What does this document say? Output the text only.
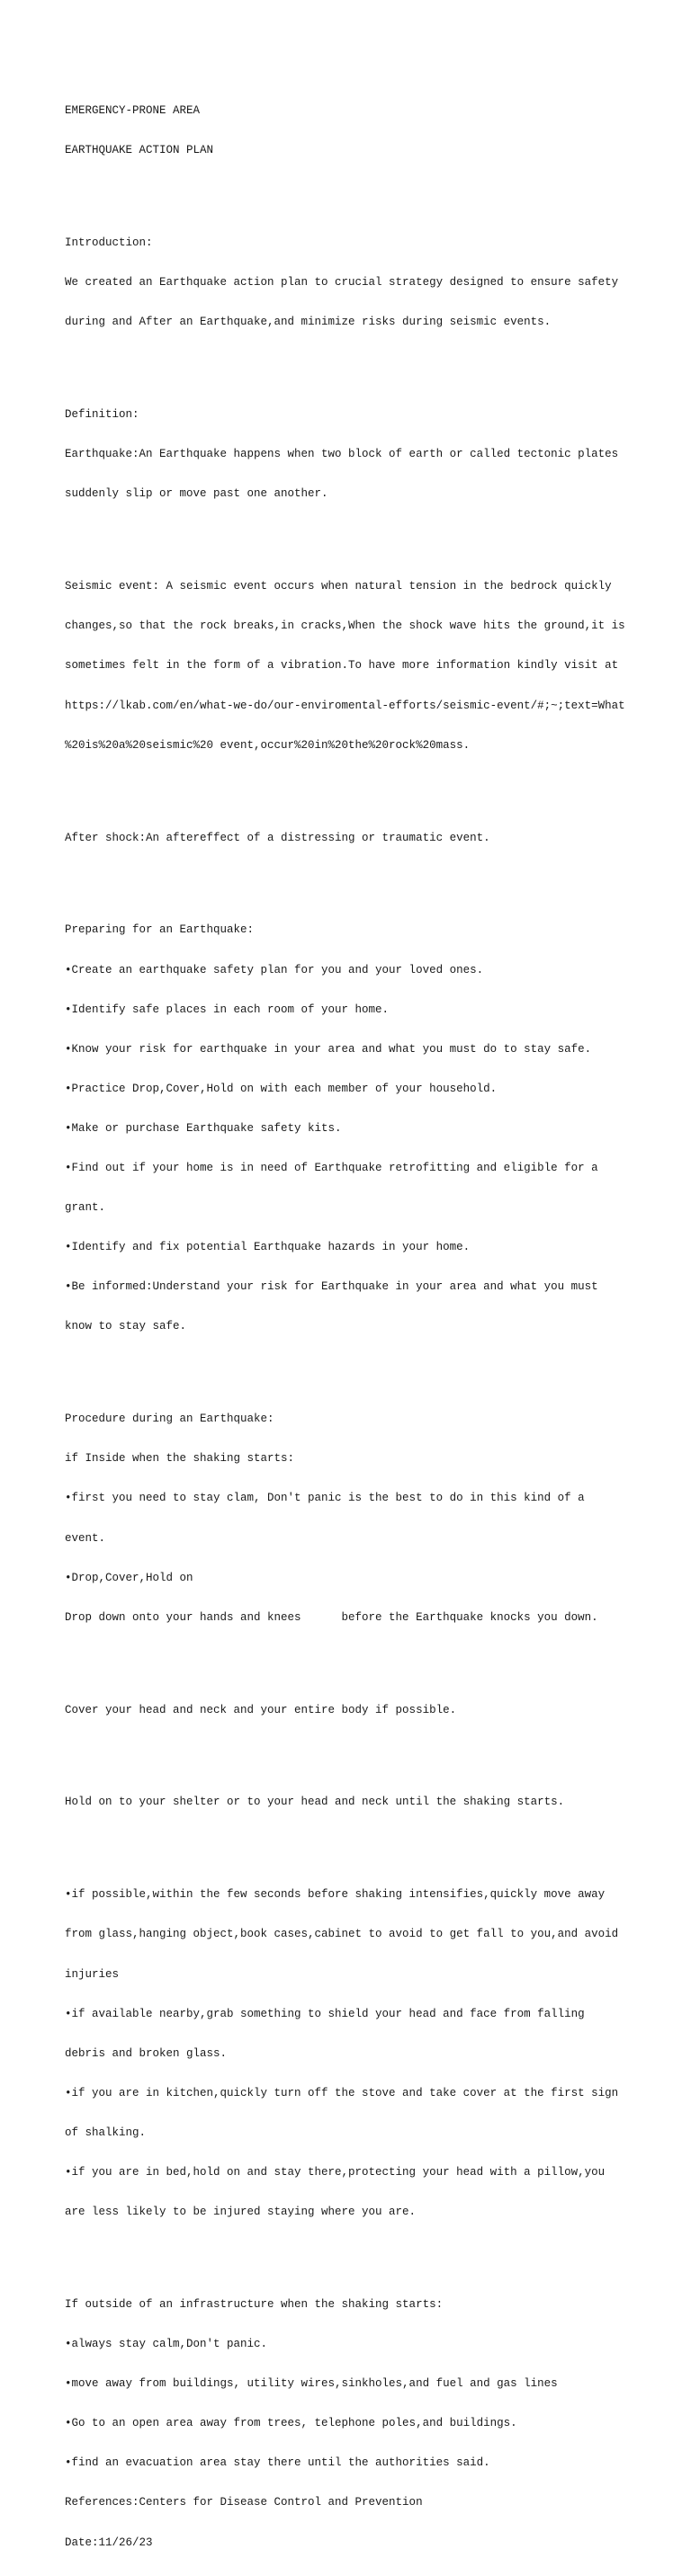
EMERGENCY-PRONE AREA

EARTHQUAKE ACTION PLAN

Introduction:

We created an Earthquake action plan to crucial strategy designed to ensure safety

during and After an Earthquake,and minimize risks during seismic events.

Definition:

Earthquake:An Earthquake happens when two block of earth or called tectonic plates

suddenly slip or move past one another.

Seismic event: A seismic event occurs when natural tension in the bedrock quickly

changes,so that the rock breaks,in cracks,When the shock wave hits the ground,it is

sometimes felt in the form of a vibration.To have more information kindly visit at

https://lkab.com/en/what-we-do/our-enviromental-efforts/seismic-event/#;~;text=What

%20is%20a%20seismic%20 event,occur%20in%20the%20rock%20mass.

After shock:An aftereffect of a distressing or traumatic event.

Preparing for an Earthquake:

•Create an earthquake safety plan for you and your loved ones.

•Identify safe places in each room of your home.

•Know your risk for earthquake in your area and what you must do to stay safe.

•Practice Drop,Cover,Hold on with each member of your household.

•Make or purchase Earthquake safety kits.

•Find out if your home is in need of Earthquake retrofitting and eligible for a

grant.

•Identify and fix potential Earthquake hazards in your home.

•Be informed:Understand your risk for Earthquake in your area and what you must

know to stay safe.

Procedure during an Earthquake:

if Inside when the shaking starts:

•first you need to stay clam, Don't panic is the best to do in this kind of a

event.

•Drop,Cover,Hold on

Drop down onto your hands and knees      before the Earthquake knocks you down.

Cover your head and neck and your entire body if possible.

Hold on to your shelter or to your head and neck until the shaking starts.

•if possible,within the few seconds before shaking intensifies,quickly move away

from glass,hanging object,book cases,cabinet to avoid to get fall to you,and avoid

injuries

•if available nearby,grab something to shield your head and face from falling

debris and broken glass.

•if you are in kitchen,quickly turn off the stove and take cover at the first sign

of shalking.

•if you are in bed,hold on and stay there,protecting your head with a pillow,you

are less likely to be injured staying where you are.

If outside of an infrastructure when the shaking starts:

•always stay calm,Don't panic.

•move away from buildings, utility wires,sinkholes,and fuel and gas lines

•Go to an open area away from trees, telephone poles,and buildings.

•find an evacuation area stay there until the authorities said.

References:Centers for Disease Control and Prevention

Date:11/26/23
